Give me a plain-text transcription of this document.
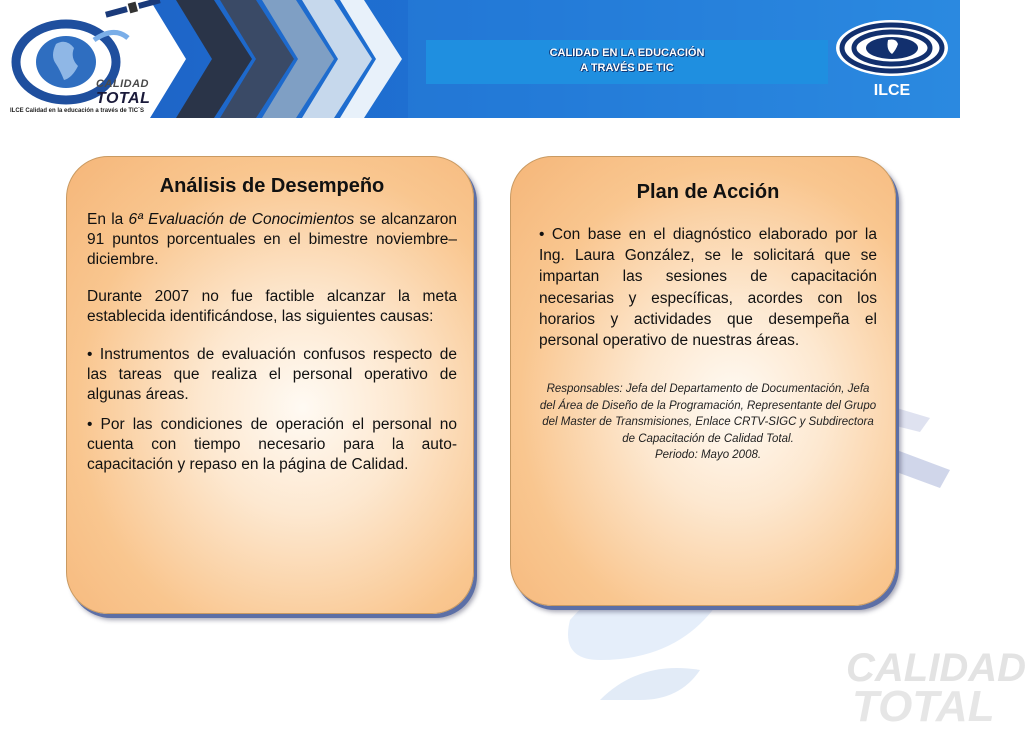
CALIDAD
TOTAL
ILCE Calidad en la educación a través de TIC´S
CALIDAD EN LA EDUCACIÓN
A TRAVÉS DE TIC
ILCE
CALIDAD
TOTAL
Análisis de Desempeño

En la 6ª Evaluación de Conocimientos se alcanzaron 91 puntos porcentuales en el bimestre noviembre–diciembre.

Durante 2007 no fue factible alcanzar la meta establecida identificándose, las siguientes causas:

• Instrumentos de evaluación confusos respecto de las tareas que realiza el personal operativo de algunas áreas.

• Por las condiciones de operación el personal no cuenta con tiempo necesario para la auto-capacitación y repaso en la página de Calidad.

Plan de Acción

• Con base en el diagnóstico elaborado por la Ing. Laura González, se le solicitará que se impartan las sesiones de capacitación necesarias y específicas, acordes con los horarios y actividades que desempeña el personal operativo de nuestras áreas.

Responsables: Jefa del Departamento de Documentación, Jefa del Área de Diseño de la Programación, Representante del Grupo del Master de Transmisiones, Enlace CRTV-SIGC y Subdirectora de Capacitación de Calidad Total.
Periodo: Mayo 2008.
